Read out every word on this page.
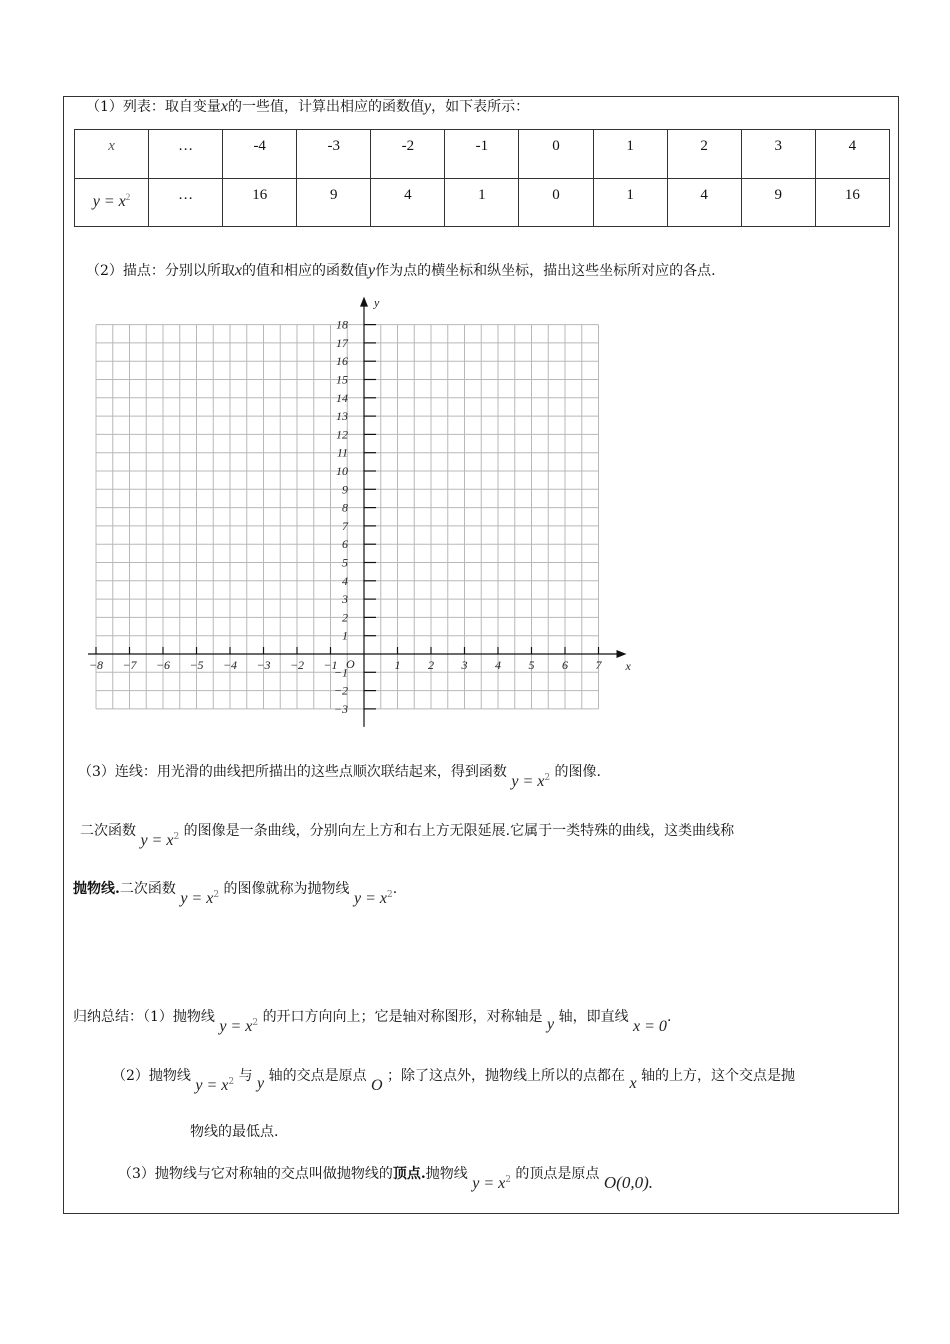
（1）列表：取自变量x的一些值，计算出相应的函数值y，如下表所示：
x	…	-4	-3	-2	-1	0	1	2	3	4
$y = x^2$	…	16	9	4	1	0	1	4	9	16
（2）描点：分别以所取x的值和相应的函数值y作为点的横坐标和纵坐标，描出这些坐标所对应的各点.
−8 −7 −6 −5 −4 −3 −2 −1	1 2 3 4 5 6 7
1
2
3
4
5
6
7
8
9
10
11
12
13
14
15
16
17
18
−1
−2
−3
x
y
O
（3）连线：用光滑的曲线把所描出的这些点顺次联结起来，得到函数 $y = x^2$ 的图像.
二次函数 $y = x^2$ 的图像是一条曲线，分别向左上方和右上方无限延展.它属于一类特殊的曲线，这类曲线称
抛物线.二次函数 $y = x^2$ 的图像就称为抛物线 $y = x^2$.
归纳总结：（1）抛物线 $y = x^2$ 的开口方向向上；它是轴对称图形，对称轴是 y 轴，即直线 x = 0.
（2）抛物线 $y = x^2$ 与 y 轴的交点是原点 O ；除了这点外，抛物线上所以的点都在 x 轴的上方，这个交点是抛
物线的最低点.
（3）抛物线与它对称轴的交点叫做抛物线的顶点.抛物线 $y = x^2$ 的顶点是原点 O(0,0).
